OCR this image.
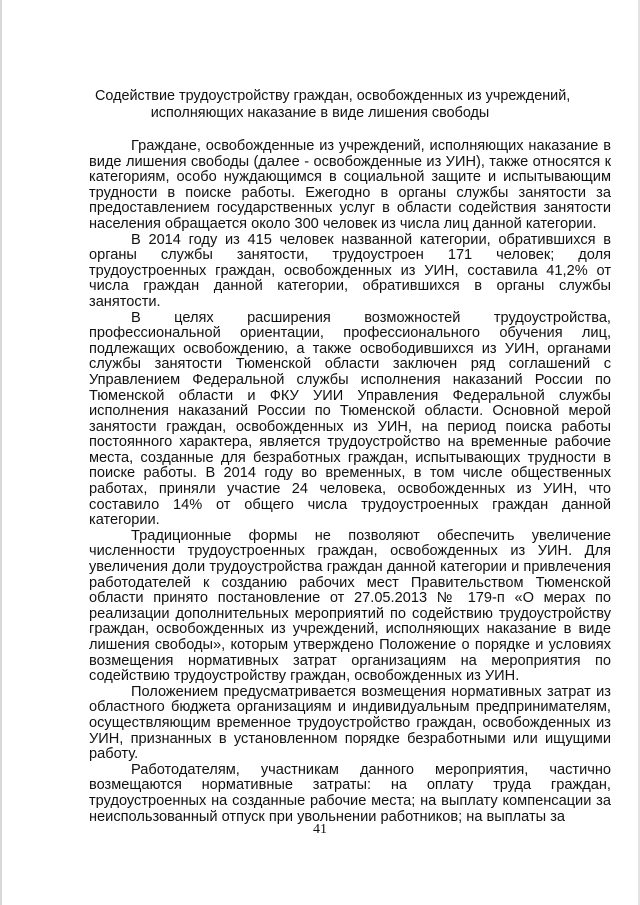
Содействие трудоустройству граждан, освобожденных из учреждений,
исполняющих наказание в виде лишения свободы

Граждане, освобожденные из учреждений, исполняющих наказание в виде лишения свободы (далее - освобожденные из УИН), также относятся к категориям, особо нуждающимся в социальной защите и испытывающим трудности в поиске работы. Ежегодно в органы службы занятости за предоставлением государственных услуг в области содействия занятости населения обращается около 300 человек из числа лиц данной категории.

В 2014 году из 415 человек названной категории, обратившихся в органы службы занятости, трудоустроен 171 человек; доля трудоустроенных граждан, освобожденных из УИН, составила 41,2% от числа граждан данной категории, обратившихся в органы службы занятости.

В целях расширения возможностей трудоустройства, профессиональной ориентации, профессионального обучения лиц, подлежащих освобождению, а также освободившихся из УИН, органами службы занятости Тюменской области заключен ряд соглашений с Управлением Федеральной службы исполнения наказаний России по Тюменской области и ФКУ УИИ Управления Федеральной службы исполнения наказаний России по Тюменской области. Основной мерой занятости граждан, освобожденных из УИН, на период поиска работы постоянного характера, является трудоустройство на временные рабочие места, созданные для безработных граждан, испытывающих трудности в поиске работы. В 2014 году во временных, в том числе общественных работах, приняли участие 24 человека, освобожденных из УИН, что составило 14% от общего числа трудоустроенных граждан данной категории.

Традиционные формы не позволяют обеспечить увеличение численности трудоустроенных граждан, освобожденных из УИН. Для увеличения доли трудоустройства граждан данной категории и привлечения работодателей к созданию рабочих мест Правительством Тюменской области принято постановление от 27.05.2013 № 179-п «О мерах по реализации дополнительных мероприятий по содействию трудоустройству граждан, освобожденных из учреждений, исполняющих наказание в виде лишения свободы», которым утверждено Положение о порядке и условиях возмещения нормативных затрат организациям на мероприятия по содействию трудоустройству граждан, освобожденных из УИН.

Положением предусматривается возмещения нормативных затрат из областного бюджета организациям и индивидуальным предпринимателям, осуществляющим временное трудоустройство граждан, освобожденных из УИН, признанных в установленном порядке безработными или ищущими работу.

Работодателям, участникам данного мероприятия, частично возмещаются нормативные затраты: на оплату труда граждан, трудоустроенных на созданные рабочие места; на выплату компенсации за неиспользованный отпуск при увольнении работников; на выплаты за

41
